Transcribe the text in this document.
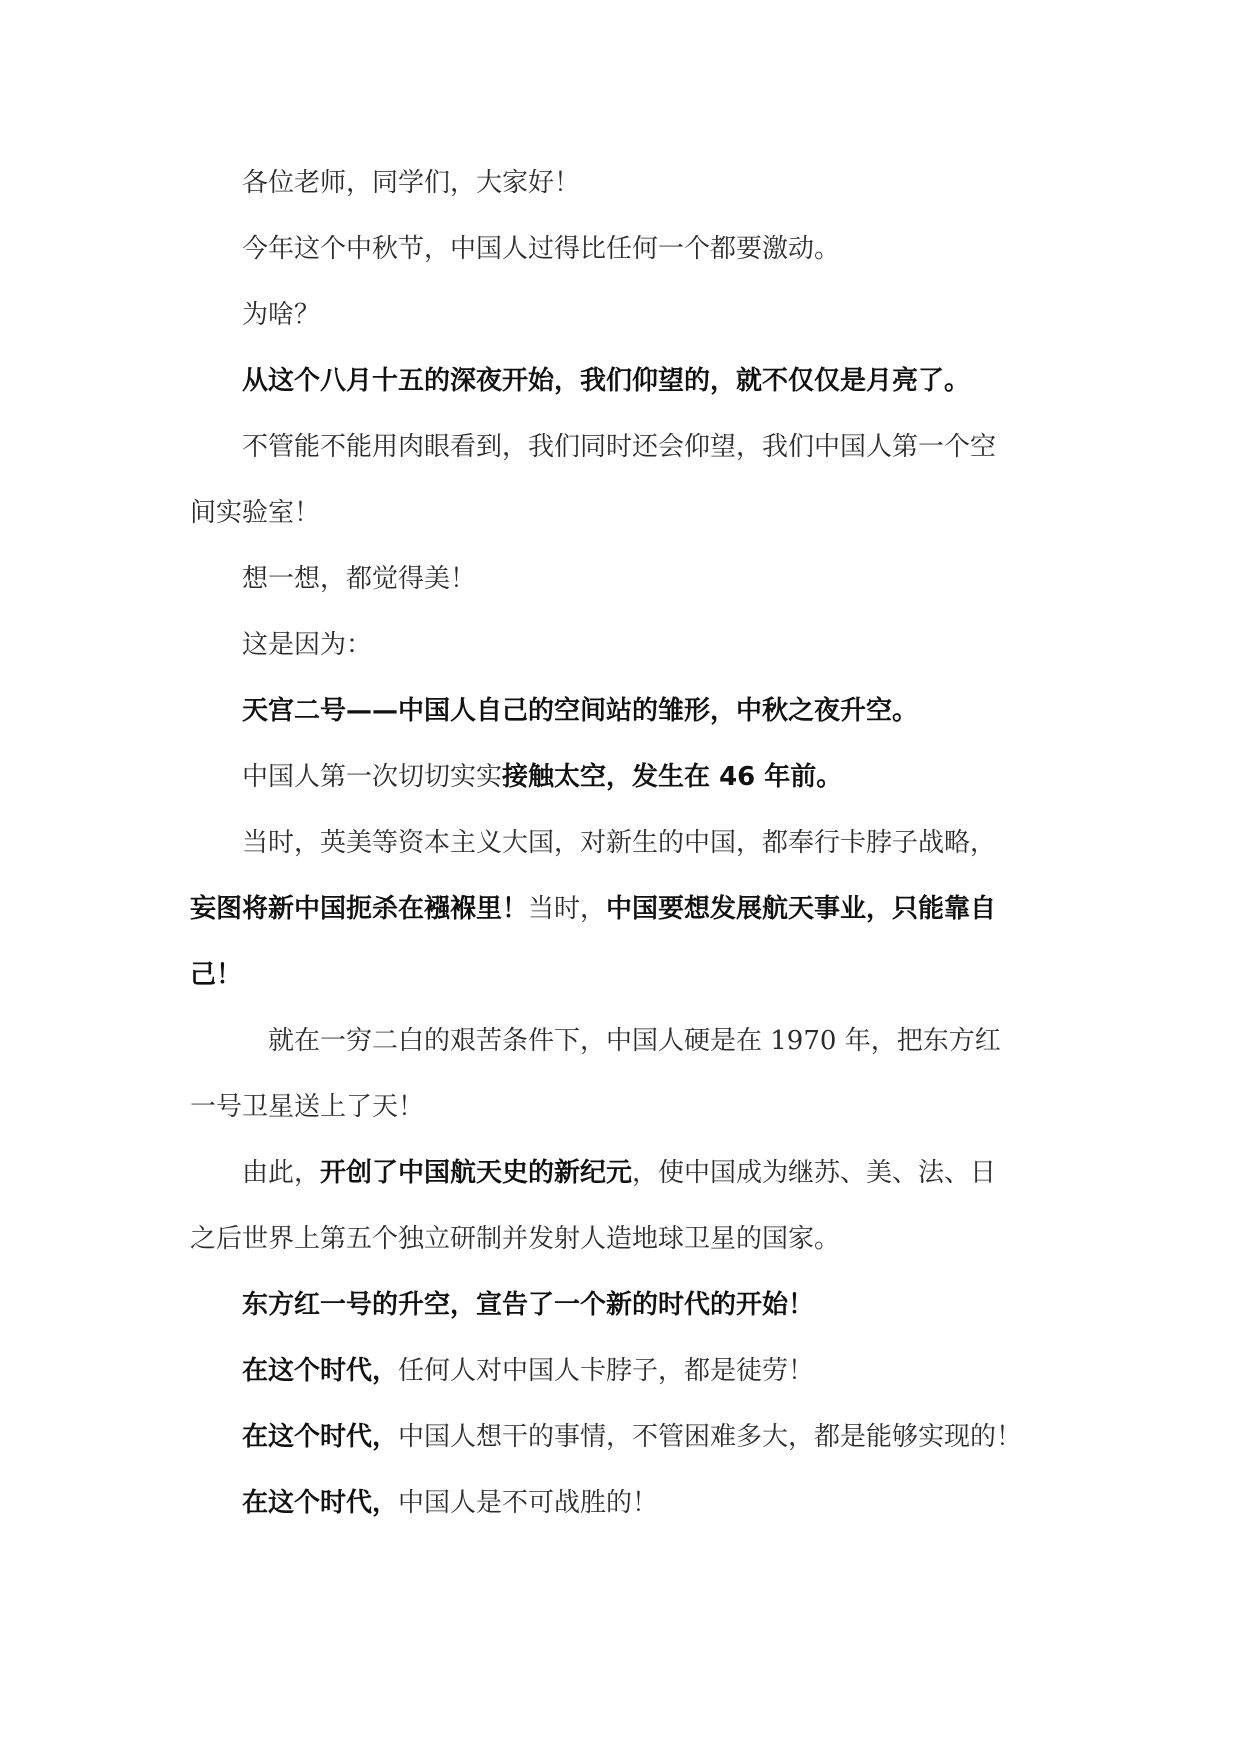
各位老师，同学们，大家好！
今年这个中秋节，中国人过得比任何一个都要激动。
为啥？
从这个八月十五的深夜开始，我们仰望的，就不仅仅是月亮了。
不管能不能用肉眼看到，我们同时还会仰望，我们中国人第一个空
间实验室！
想一想，都觉得美！
这是因为：
天宫二号——中国人自己的空间站的雏形，中秋之夜升空。
中国人第一次切切实实接触太空，发生在 46 年前。
当时，英美等资本主义大国，对新生的中国，都奉行卡脖子战略，
妄图将新中国扼杀在襁褓里！当时，中国要想发展航天事业，只能靠自
己！
就在一穷二白的艰苦条件下，中国人硬是在 1970 年，把东方红
一号卫星送上了天！
由此，开创了中国航天史的新纪元，使中国成为继苏、美、法、日
之后世界上第五个独立研制并发射人造地球卫星的国家。
东方红一号的升空，宣告了一个新的时代的开始！
在这个时代，任何人对中国人卡脖子，都是徒劳！
在这个时代，中国人想干的事情，不管困难多大，都是能够实现的！
在这个时代，中国人是不可战胜的！
